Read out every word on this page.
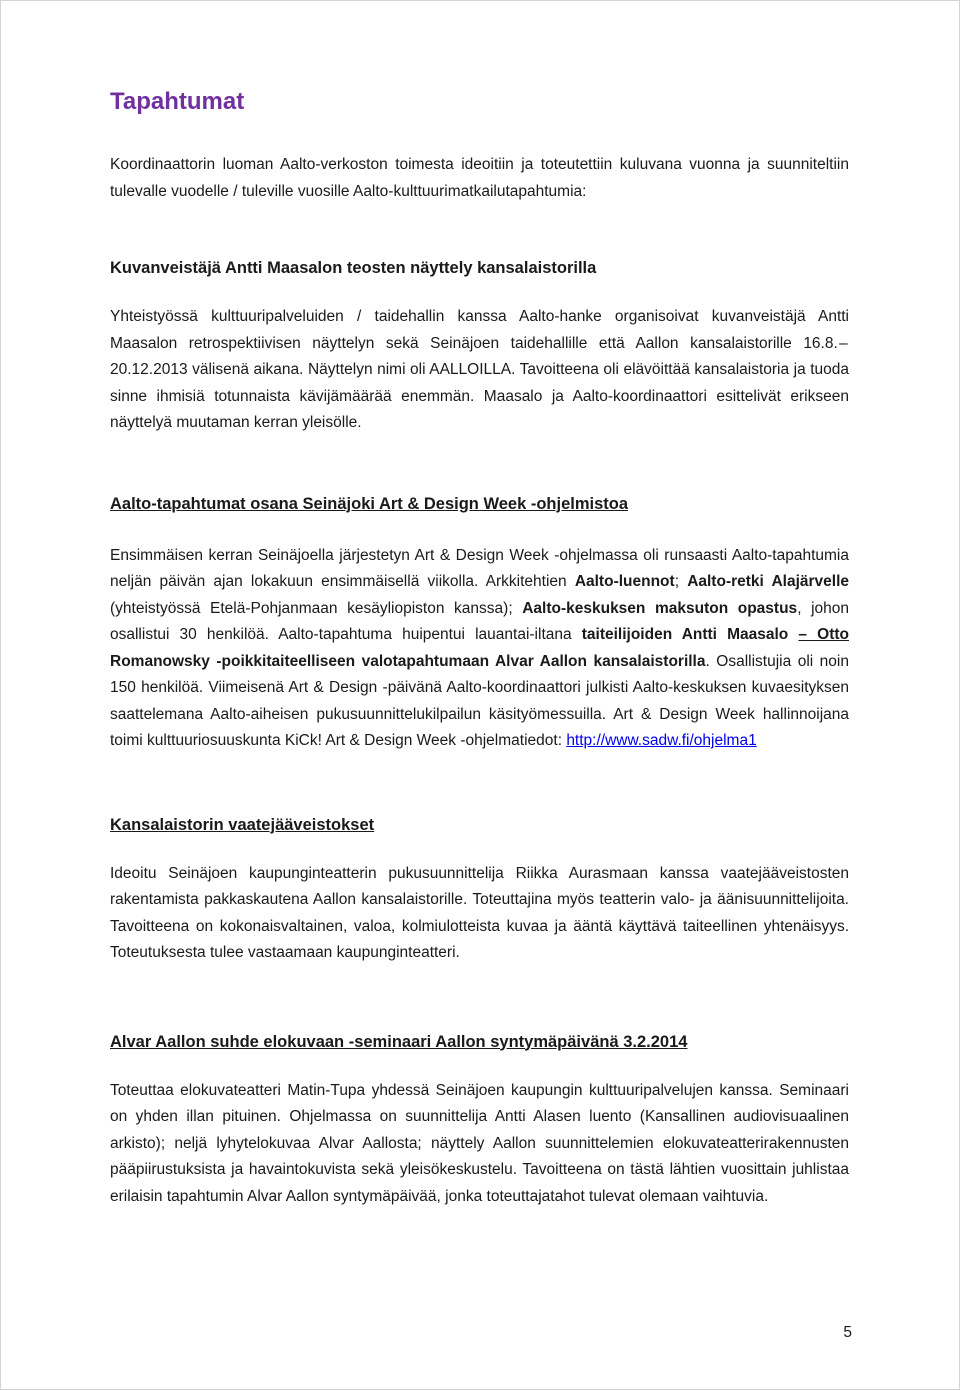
Tapahtumat

Koordinaattorin luoman Aalto-verkoston toimesta ideoitiin ja toteutettiin kuluvana vuonna ja suunniteltiin tulevalle vuodelle / tuleville vuosille Aalto-kulttuurimatkailutapahtumia:

Kuvanveistäjä Antti Maasalon teosten näyttely kansalaistorilla

Yhteistyössä kulttuuripalveluiden / taidehallin kanssa Aalto-hanke organisoivat kuvanveistäjä Antti Maasalon retrospektiivisen näyttelyn sekä Seinäjoen taidehallille että Aallon kansalaistorille 16.8. – 20.12.2013 välisenä aikana. Näyttelyn nimi oli AALLOILLA. Tavoitteena oli elävöittää kansalaistoria ja tuoda sinne ihmisiä totunnaista kävijämäärää enemmän. Maasalo ja Aalto-koordinaattori esittelivät erikseen näyttelyä muutaman kerran yleisölle.

Aalto-tapahtumat osana Seinäjoki Art & Design Week -ohjelmistoa

Ensimmäisen kerran Seinäjoella järjestetyn Art & Design Week -ohjelmassa oli runsaasti Aalto-tapahtumia neljän päivän ajan lokakuun ensimmäisellä viikolla. Arkkitehtien Aalto-luennot; Aalto-retki Alajärvelle (yhteistyössä Etelä-Pohjanmaan kesäyliopiston kanssa); Aalto-keskuksen maksuton opastus, johon osallistui 30 henkilöä. Aalto-tapahtuma huipentui lauantai-iltana taiteilijoiden Antti Maasalo – Otto Romanowsky -poikkitaiteelliseen valotapahtumaan Alvar Aallon kansalaistorilla. Osallistujia oli noin 150 henkilöä. Viimeisenä Art & Design -päivänä Aalto-koordinaattori julkisti Aalto-keskuksen kuvaesityksen saattelemana Aalto-aiheisen pukusuunnittelukilpailun käsityömessuilla. Art & Design Week hallinnoijana toimi kulttuuriosuuskunta KiCk! Art & Design Week -ohjelmatiedot: http://www.sadw.fi/ohjelma1

Kansalaistorin vaatejääveistokset

Ideoitu Seinäjoen kaupunginteatterin pukusuunnittelija Riikka Aurasmaan kanssa vaatejääveistosten rakentamista pakkaskautena Aallon kansalaistorille. Toteuttajina myös teatterin valo- ja äänisuunnittelijoita. Tavoitteena on kokonaisvaltainen, valoa, kolmiulotteista kuvaa ja ääntä käyttävä taiteellinen yhtenäisyys. Toteutuksesta tulee vastaamaan kaupunginteatteri.

Alvar Aallon suhde elokuvaan -seminaari Aallon syntymäpäivänä 3.2.2014

Toteuttaa elokuvateatteri Matin-Tupa yhdessä Seinäjoen kaupungin kulttuuripalvelujen kanssa. Seminaari on yhden illan pituinen. Ohjelmassa on suunnittelija Antti Alasen luento (Kansallinen audiovisuaalinen arkisto); neljä lyhytelokuvaa Alvar Aallosta; näyttely Aallon suunnittelemien elokuvateatterirakennusten pääpiirustuksista ja havaintokuvista sekä yleisökeskustelu. Tavoitteena on tästä lähtien vuosittain juhlistaa erilaisin tapahtumin Alvar Aallon syntymäpäivää, jonka toteuttajatahot tulevat olemaan vaihtuvia.

5
